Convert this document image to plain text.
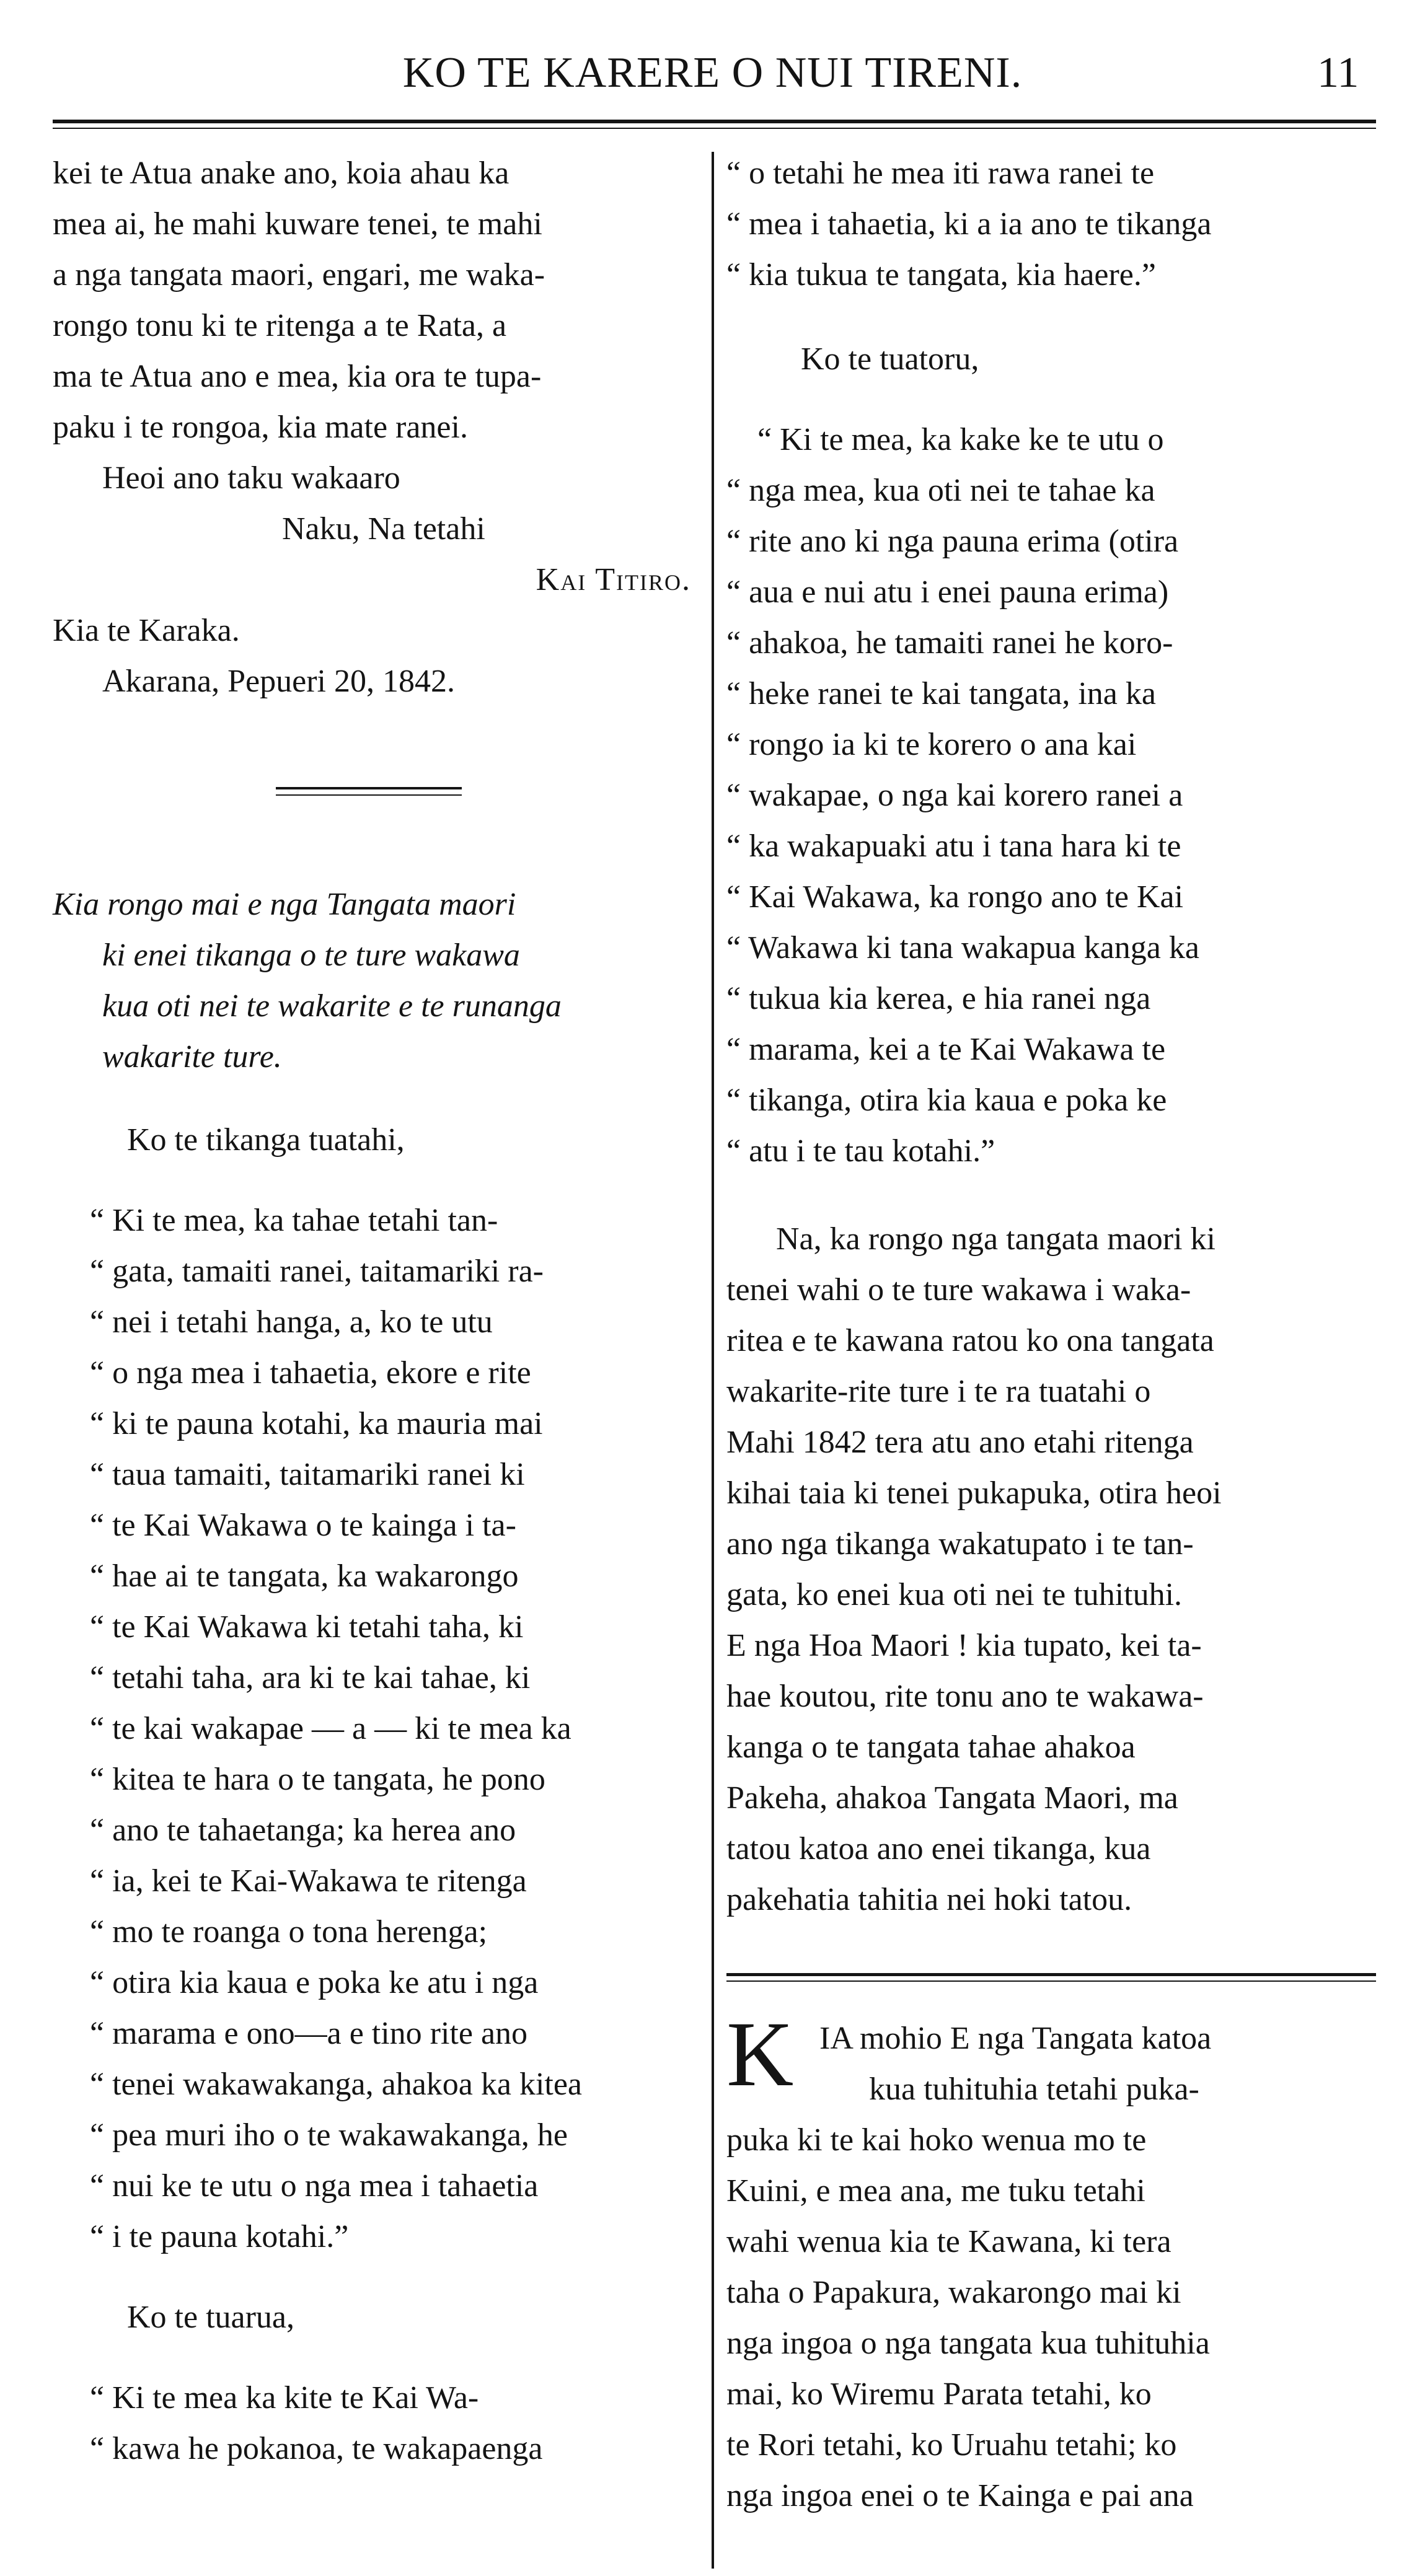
KO TE KARERE O NUI TIRENI.	11
kei te Atua anake ano, koia ahau ka
mea ai, he mahi kuware tenei, te mahi
a nga tangata maori, engari, me waka-
rongo tonu ki te ritenga a te Rata, a
ma te Atua ano e mea, kia ora te tupa-
paku i te rongoa, kia mate ranei.
Heoi ano taku wakaaro
Naku, Na tetahi
Kai Titiro.
Kia te Karaka.
Akarana, Pepueri 20, 1842.
Kia rongo mai e nga Tangata maori
ki enei tikanga o te ture wakawa
kua oti nei te wakarite e te runanga
wakarite ture.
Ko te tikanga tuatahi,
“ Ki te mea, ka tahae tetahi tan-
“ gata, tamaiti ranei, taitamariki ra-
“ nei i tetahi hanga, a, ko te utu
“ o nga mea i tahaetia, ekore e rite
“ ki te pauna kotahi, ka mauria mai
“ taua tamaiti, taitamariki ranei ki
“ te Kai Wakawa o te kainga i ta-
“ hae ai te tangata, ka wakarongo
“ te Kai Wakawa ki tetahi taha, ki
“ tetahi taha, ara ki te kai tahae, ki
“ te kai wakapae — a — ki te mea ka
“ kitea te hara o te tangata, he pono
“ ano te tahaetanga; ka herea ano
“ ia, kei te Kai-Wakawa te ritenga
“ mo te roanga o tona herenga;
“ otira kia kaua e poka ke atu i nga
“ marama e ono—a e tino rite ano
“ tenei wakawakanga, ahakoa ka kitea
“ pea muri iho o te wakawakanga, he
“ nui ke te utu o nga mea i tahaetia
“ i te pauna kotahi.”
Ko te tuarua,
“ Ki te mea ka kite te Kai Wa-
“ kawa he pokanoa, te wakapaenga
“ o tetahi he mea iti rawa ranei te
“ mea i tahaetia, ki a ia ano te tikanga
“ kia tukua te tangata, kia haere.”
Ko te tuatoru,
“ Ki te mea, ka kake ke te utu o
“ nga mea, kua oti nei te tahae ka
“ rite ano ki nga pauna erima (otira
“ aua e nui atu i enei pauna erima)
“ ahakoa, he tamaiti ranei he koro-
“ heke ranei te kai tangata, ina ka
“ rongo ia ki te korero o ana kai
“ wakapae, o nga kai korero ranei a
“ ka wakapuaki atu i tana hara ki te
“ Kai Wakawa, ka rongo ano te Kai
“ Wakawa ki tana wakapua kanga ka
“ tukua kia kerea, e hia ranei nga
“ marama, kei a te Kai Wakawa te
“ tikanga, otira kia kaua e poka ke
“ atu i te tau kotahi.”
Na, ka rongo nga tangata maori ki
tenei wahi o te ture wakawa i waka-
ritea e te kawana ratou ko ona tangata
wakarite-rite ture i te ra tuatahi o
Mahi 1842 tera atu ano etahi ritenga
kihai taia ki tenei pukapuka, otira heoi
ano nga tikanga wakatupato i te tan-
gata, ko enei kua oti nei te tuhituhi.
E nga Hoa Maori ! kia tupato, kei ta-
hae koutou, rite tonu ano te wakawa-
kanga o te tangata tahae ahakoa
Pakeha, ahakoa Tangata Maori, ma
tatou katoa ano enei tikanga, kua
pakehatia tahitia nei hoki tatou.
K IA mohio E nga Tangata katoa
kua tuhituhia tetahi puka-
puka ki te kai hoko wenua mo te
Kuini, e mea ana, me tuku tetahi
wahi wenua kia te Kawana, ki tera
taha o Papakura, wakarongo mai ki
nga ingoa o nga tangata kua tuhituhia
mai, ko Wiremu Parata tetahi, ko
te Rori tetahi, ko Uruahu tetahi; ko
nga ingoa enei o te Kainga e pai ana
